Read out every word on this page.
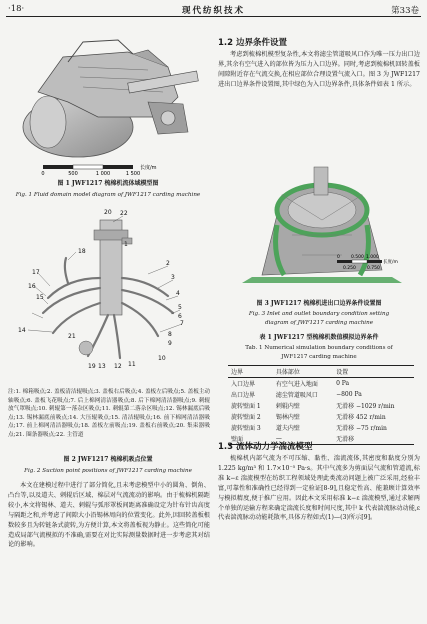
·18·	现代纺织技术	第33卷
0	500	1 000	1 500
长度/m
图 1 JWF1217 梳棉机流体域模型图
Fig. 1 Fluid domain model diagram of JWF1217 carding machine
22
1
18
2
17
3
16
4
15
5
6
7
14
21	8
9
10
11
12
13
19
20
注:1. 棉箱吸点;2. 盖板清洁辊吸点;3. 盖板右后吸点;4. 盖板左后吸点;5. 盖板主动轴吸点;6. 盖板飞花吸点;7. 后上棉网清洁器吸点;8. 后下棉网清洁器吸点;9. 刺辊放气罩吸点;10. 刺辊第一落杂区吸点;11. 刺辊第二落杂区吸点;12. 锡林漏底后吸点;13. 锡林漏底前吸点;14. 大压辊吸点;15. 清洁辊吸点;16. 前下棉网清洁器吸点;17. 前上棉网清洁器吸点;18. 盖板左前吸点;19. 盖板右前吸点;20. 集束器吸点;21. 圈条器吸点;22. 主管道
图 2 JWF1217 梳棉机吸点位置
Fig. 2 Suction point positions of JWF1217 carding machine

本文在建模过程中进行了部分简化,且未考虑模型中小的圆角、倒角、凸台等,以及道夫、刺辊后区域、棉层对气流流动的影响。由于梳棉机隔距较小,本文将锡林、道夫、刺辊与弧形罩板间距离准确设定为针布针齿高度与隔距之和,并考虑了间隙大小沿锡林周向的位置变化。此外,因回转盖板根数较多且为转链条式旋转,为方便计算,本文将盖板视为静止。这些简化可能造成局部气流模拟的不准确,需要在对比实际测量数据时进一步考虑其对结论的影响。

1.2 边界条件设置

考虑到梳棉机模型复杂性,本文将滤尘管道吸风口作为唯一压力出口边界,其余有空气进入的部位皆为压力入口边界。同时,考虑到梳棉机回转盖板间隙附近存在气流交换,在相应部位合理设置气流入口。图 3 为 JWF1217 进出口边界条件设置图,其中绿色为入口边界条件,具体条件如表 1 所示。

0	1.000
长度/m
0.250 0.750
0.500
图 3 JWF1217 梳棉机进出口边界条件设置图
Fig. 3 Inlet and outlet boundary condition setting
diagram of JWF1217 carding machine
表 1 JWF1217 型梳棉机数值模拟边界条件
Tab. 1 Numerical simulation boundary conditions of
JWF1217 carding machine
边界	具体部位	设置
入口边界	有空气进入地面	0 Pa
出口边界	滤尘管道吸风口	−800 Pa
旋转壁面 1	刺辊内壁	无滑移 −1029 r/min
旋转壁面 2	锡林内壁	无滑移 452 r/min
旋转壁面 3	道夫内壁	无滑移 −75 r/min
壁面	—	无滑移
1.3 流体动力学湍流模型

梳棉机内部气流为不可压缩、黏性、湍流流体,其密度和黏度分别为 1.225 kg/m³ 和 1.7×10⁻⁵ Pa·s。其中气流多为剪面层气流和管道流,标准 k−ε 湍流模型在纺织工程领域处理此类流动问题上被广泛采用,经验丰富,可靠性和准确性已经得到一定验证[8-9],且稳定性高、能兼顾计算效率与模拟精度,便于推广应用。因此本文采用标准 k−ε 湍流模型,通过求解两个单独的运输方程来确定湍流长度和时间尺度,其中 k 代表湍流脉动动能,ε 代表湍流脉动动能耗散率,具体方程如式(1)—(3)所示[9]。
